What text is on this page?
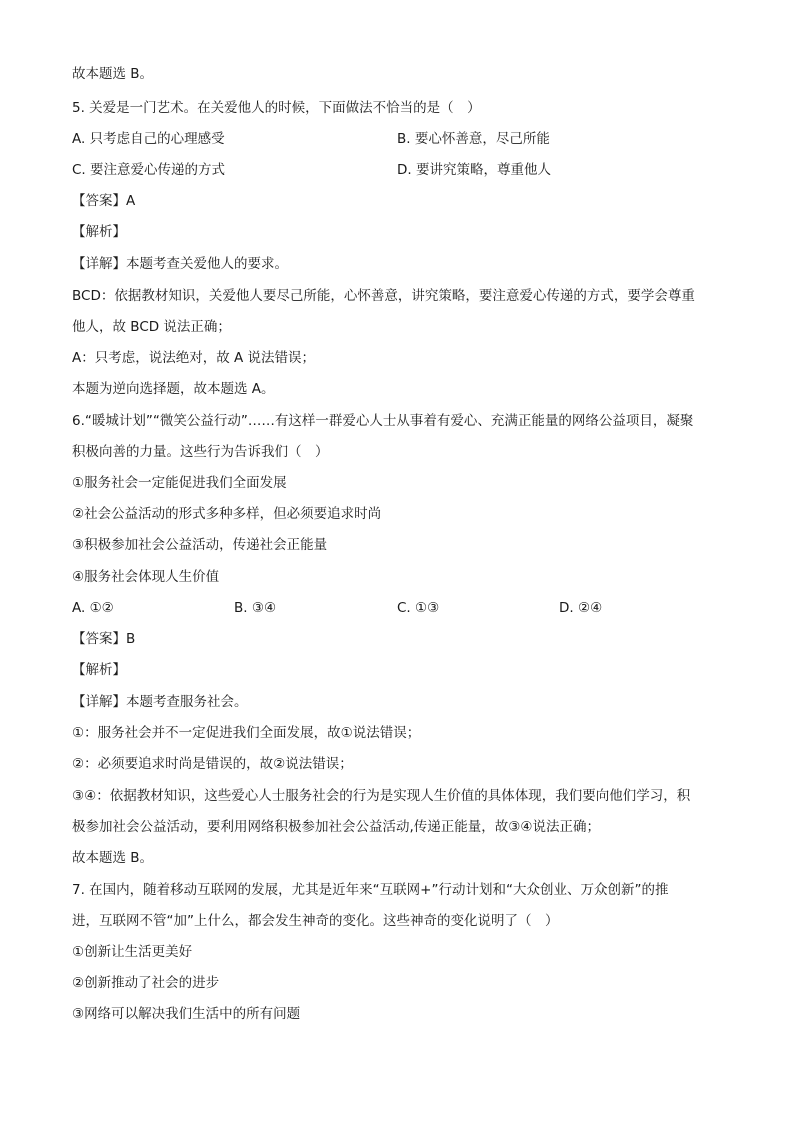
故本题选 B。
5. 关爱是一门艺术。在关爱他人的时候，下面做法不恰当的是（　）
A. 只考虑自己的心理感受	B. 要心怀善意，尽己所能
C. 要注意爱心传递的方式	D. 要讲究策略，尊重他人
【答案】A
【解析】
【详解】本题考查关爱他人的要求。
BCD：依据教材知识，关爱他人要尽己所能，心怀善意，讲究策略，要注意爱心传递的方式，要学会尊重
他人，故 BCD 说法正确；
A：只考虑，说法绝对，故 A 说法错误；
本题为逆向选择题，故本题选 A。
6.“暖城计划”“微笑公益行动”……有这样一群爱心人士从事着有爱心、充满正能量的网络公益项目，凝聚
积极向善的力量。这些行为告诉我们（　）
①服务社会一定能促进我们全面发展
②社会公益活动的形式多种多样，但必须要追求时尚
③积极参加社会公益活动，传递社会正能量
④服务社会体现人生价值
A. ①②	B. ③④	C. ①③	D. ②④
【答案】B
【解析】
【详解】本题考查服务社会。
①：服务社会并不一定促进我们全面发展，故①说法错误；
②：必须要追求时尚是错误的，故②说法错误；
③④：依据教材知识，这些爱心人士服务社会的行为是实现人生价值的具体体现，我们要向他们学习，积
极参加社会公益活动，要利用网络积极参加社会公益活动,传递正能量，故③④说法正确；
故本题选 B。
7. 在国内，随着移动互联网的发展，尤其是近年来“互联网+”行动计划和“大众创业、万众创新”的推
进，互联网不管“加”上什么，都会发生神奇的变化。这些神奇的变化说明了（　）
①创新让生活更美好
②创新推动了社会的进步
③网络可以解决我们生活中的所有问题
